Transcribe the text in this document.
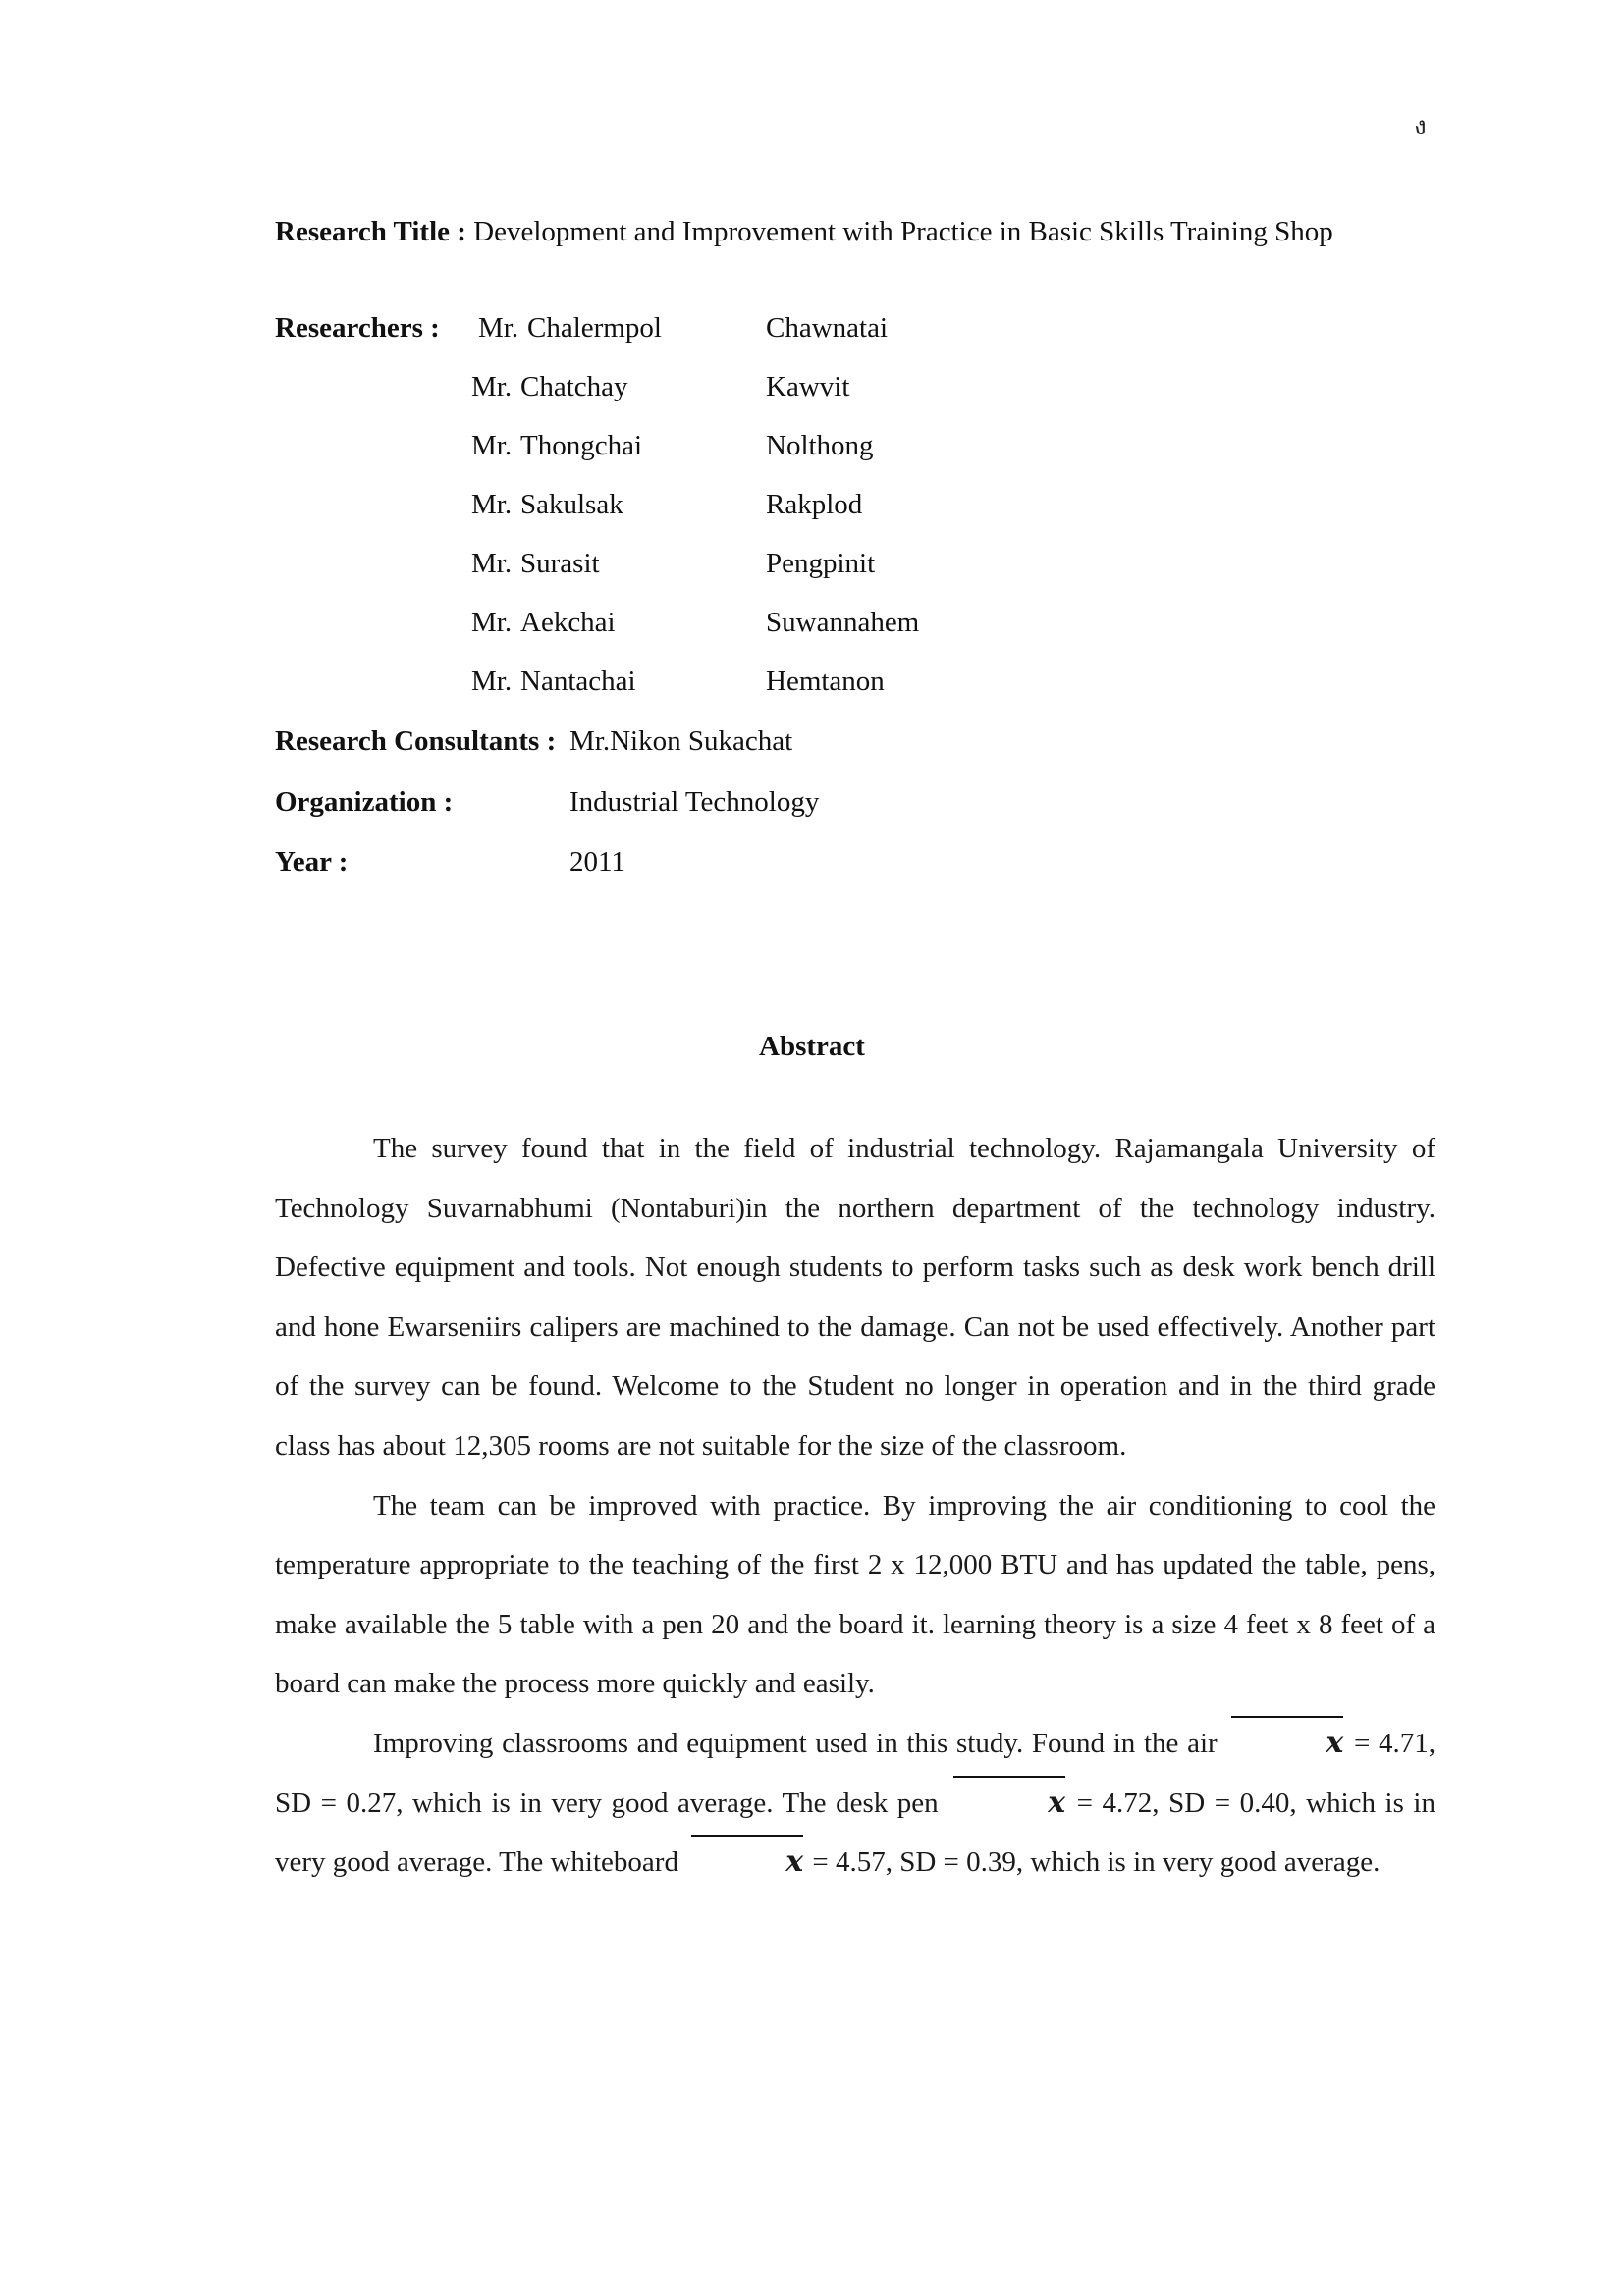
ง
Research Title : Development and Improvement with Practice in Basic Skills Training Shop
Researchers : Mr. Chalermpol	Chawnatai
Mr. Chatchay	Kawvit
Mr. Thongchai	Nolthong
Mr. Sakulsak	Rakplod
Mr. Surasit	Pengpinit
Mr. Aekchai	Suwannahem
Mr. Nantachai	Hemtanon
Research Consultants : Mr.Nikon Sukachat
Organization :	Industrial Technology
Year :	2011
Abstract

The survey found that in the field of industrial technology. Rajamangala University of Technology Suvarnabhumi (Nontaburi)in the northern department of the technology industry. Defective equipment and tools. Not enough students to perform tasks such as desk work bench drill and hone Ewarseniirs calipers are machined to the damage. Can not be used effectively. Another part of the survey can be found. Welcome to the Student no longer in operation and in the third grade class has about 12,305 rooms are not suitable for the size of the classroom.

The team can be improved with practice. By improving the air conditioning to cool the temperature appropriate to the teaching of the first 2 x 12,000 BTU and has updated the table, pens, make available the 5 table with a pen 20 and the board it. learning theory is a size 4 feet x 8 feet of a board can make the process more quickly and easily.

Improving classrooms and equipment used in this study. Found in the air	x = 4.71, SD = 0.27, which is in very good average. The desk pen	x = 4.72, SD = 0.40, which is in very good average. The whiteboard	x = 4.57, SD = 0.39, which is in very good average.
